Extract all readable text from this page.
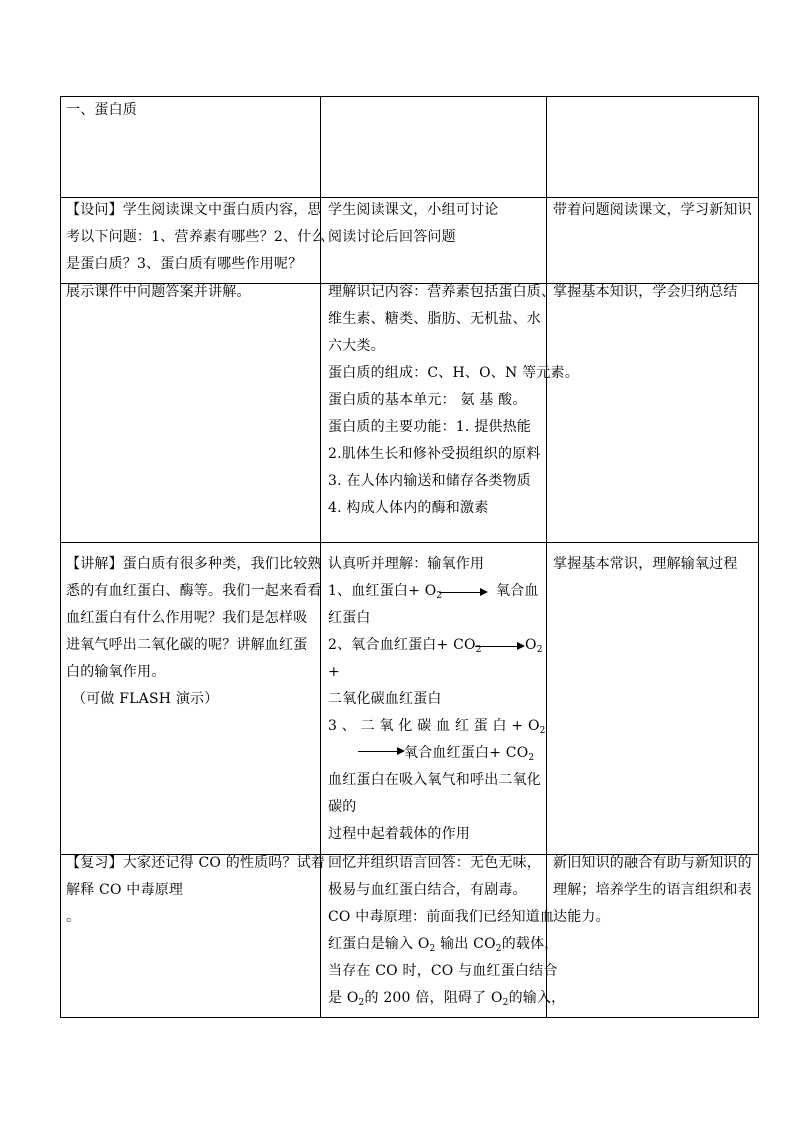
一、蛋白质
【设问】学生阅读课文中蛋白质内容，思
考以下问题：1、营养素有哪些？2、什么
是蛋白质？3、蛋白质有哪些作用呢？
学生阅读课文，小组可讨论
阅读讨论后回答问题
带着问题阅读课文，学习新知识
展示课件中问题答案并讲解。	理解识记内容：营养素包括蛋白质、
维生素、糖类、脂肪、无机盐、水
六大类。
蛋白质的组成：C、H、O、N 等元素。
蛋白质的基本单元： 氨 基 酸。
蛋白质的主要功能：1. 提供热能
2.肌体生长和修补受损组织的原料
3. 在人体内输送和储存各类物质
4. 构成人体内的酶和激素
掌握基本知识，学会归纳总结
【讲解】蛋白质有很多种类，我们比较熟
悉的有血红蛋白、酶等。我们一起来看看
血红蛋白有什么作用呢？我们是怎样吸
进氧气呼出二氧化碳的呢？讲解血红蛋
白的输氧作用。
（可做 FLASH 演示）
认真听并理解：输氧作用
1、血红蛋白+ $O_2$ → 氧合血
红蛋白
2、氧合血红蛋白+ $CO_2 \to O_2$
+
二氧化碳血红蛋白
3 、 二 氧 化 碳 血 红 蛋 白 + $O_2$
→ 氧合血红蛋白+ $CO_2$
血红蛋白在吸入氧气和呼出二氧化
碳的
过程中起着载体的作用
掌握基本常识，理解输氧过程
【复习】大家还记得 CO 的性质吗？试着
解释 CO 中毒原理
。
回忆并组织语言回答：无色无味，
极易与血红蛋白结合，有剧毒。
CO 中毒原理：前面我们已经知道血
红蛋白是输入 $O_2$ 输出 $CO_2$的载体，
当存在 CO 时，CO 与血红蛋白结合
是 $O_2$的 200 倍，阻碍了 $O_2$的输入，
新旧知识的融合有助与新知识的
理解；培养学生的语言组织和表
达能力。
